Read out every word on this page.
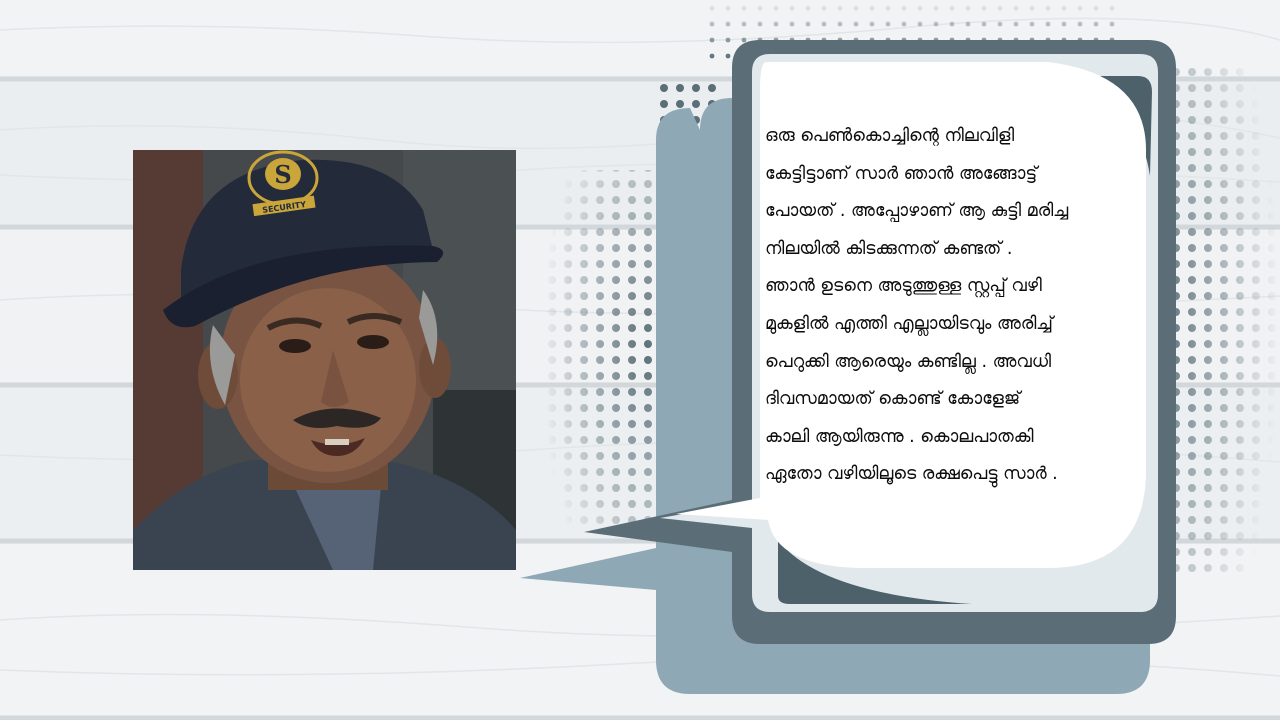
S
SECURITY
ഒരു പെൺകൊച്ചിന്റെ നിലവിളി
കേട്ടിട്ടാണ് സാർ ഞാൻ അങ്ങോട്ട്
പോയത് . അപ്പോഴാണ് ആ കുട്ടി മരിച്ച
നിലയിൽ കിടക്കുന്നത് കണ്ടത് .
ഞാൻ ഉടനെ അടുത്തുള്ള സ്റ്റപ്പ് വഴി
മുകളിൽ എത്തി എല്ലായിടവും അരിച്ച്
പെറുക്കി ആരെയും കണ്ടില്ല . അവധി
ദിവസമായത് കൊണ്ട് കോളേജ്
കാലി ആയിരുന്നു . കൊലപാതകി
ഏതോ വഴിയിലൂടെ രക്ഷപെട്ടു സാർ .
